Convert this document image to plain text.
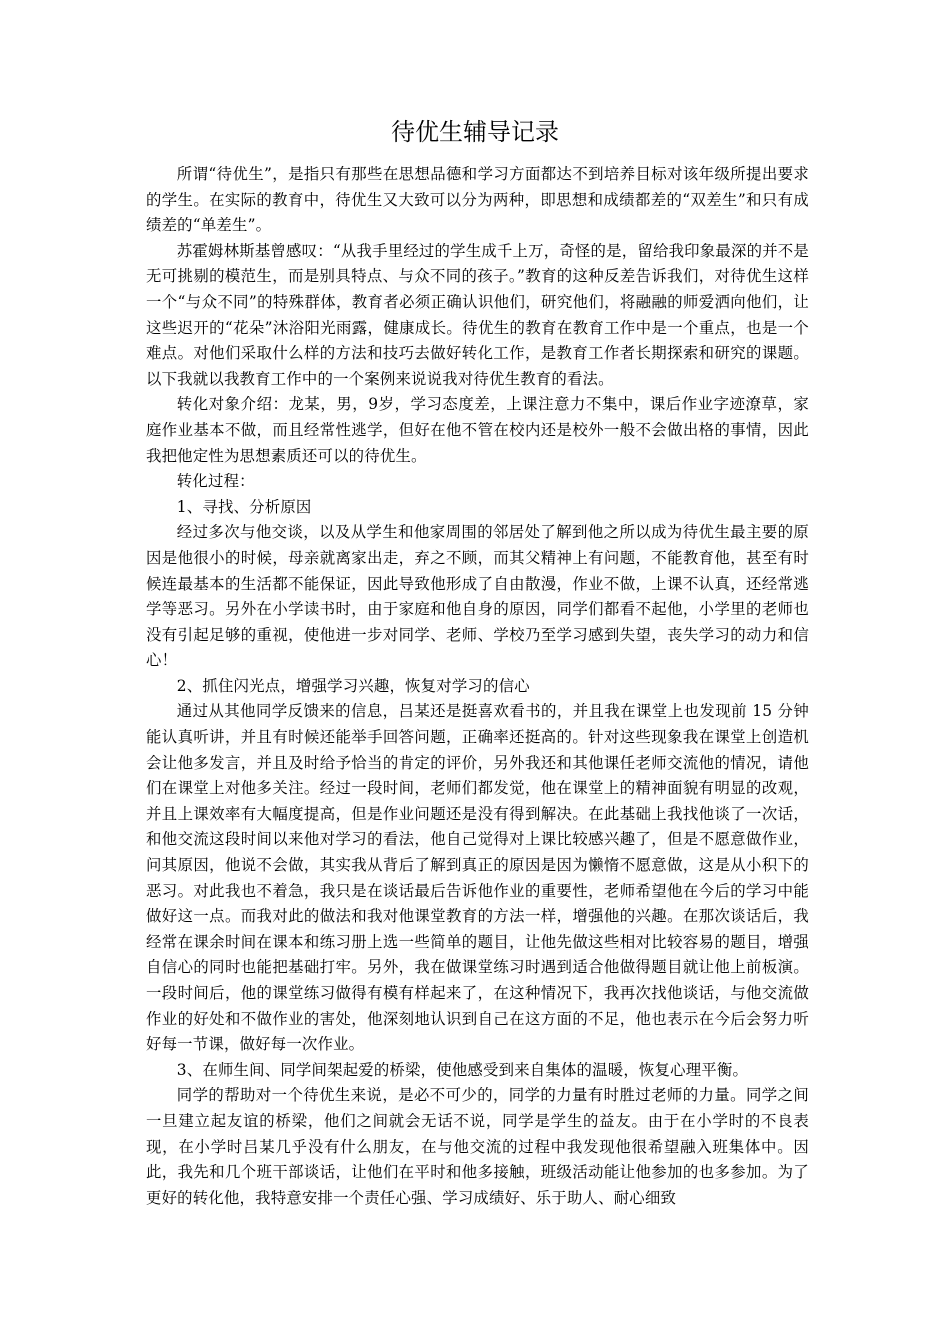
待优生辅导记录

所谓“待优生”，是指只有那些在思想品德和学习方面都达不到培养目标对该年级所提出要求的学生。在实际的教育中，待优生又大致可以分为两种，即思想和成绩都差的“双差生”和只有成绩差的“单差生”。

苏霍姆林斯基曾感叹：“从我手里经过的学生成千上万，奇怪的是，留给我印象最深的并不是无可挑剔的模范生，而是别具特点、与众不同的孩子。”教育的这种反差告诉我们，对待优生这样一个“与众不同”的特殊群体，教育者必须正确认识他们，研究他们，将融融的师爱洒向他们，让这些迟开的“花朵”沐浴阳光雨露，健康成长。待优生的教育在教育工作中是一个重点，也是一个难点。对他们采取什么样的方法和技巧去做好转化工作，是教育工作者长期探索和研究的课题。以下我就以我教育工作中的一个案例来说说我对待优生教育的看法。

转化对象介绍：龙某，男，9岁，学习态度差，上课注意力不集中，课后作业字迹潦草，家庭作业基本不做，而且经常性逃学，但好在他不管在校内还是校外一般不会做出格的事情，因此我把他定性为思想素质还可以的待优生。

转化过程：

1、寻找、分析原因

经过多次与他交谈，以及从学生和他家周围的邻居处了解到他之所以成为待优生最主要的原因是他很小的时候，母亲就离家出走，弃之不顾，而其父精神上有问题，不能教育他，甚至有时候连最基本的生活都不能保证，因此导致他形成了自由散漫，作业不做，上课不认真，还经常逃学等恶习。另外在小学读书时，由于家庭和他自身的原因，同学们都看不起他，小学里的老师也没有引起足够的重视，使他进一步对同学、老师、学校乃至学习感到失望，丧失学习的动力和信心！

2、抓住闪光点，增强学习兴趣，恢复对学习的信心

通过从其他同学反馈来的信息，吕某还是挺喜欢看书的，并且我在课堂上也发现前 15 分钟能认真听讲，并且有时候还能举手回答问题，正确率还挺高的。针对这些现象我在课堂上创造机会让他多发言，并且及时给予恰当的肯定的评价，另外我还和其他课任老师交流他的情况，请他们在课堂上对他多关注。经过一段时间，老师们都发觉，他在课堂上的精神面貌有明显的改观，并且上课效率有大幅度提高，但是作业问题还是没有得到解决。在此基础上我找他谈了一次话，和他交流这段时间以来他对学习的看法，他自己觉得对上课比较感兴趣了，但是不愿意做作业，问其原因，他说不会做，其实我从背后了解到真正的原因是因为懒惰不愿意做，这是从小积下的恶习。对此我也不着急，我只是在谈话最后告诉他作业的重要性，老师希望他在今后的学习中能做好这一点。而我对此的做法和我对他课堂教育的方法一样，增强他的兴趣。在那次谈话后，我经常在课余时间在课本和练习册上选一些简单的题目，让他先做这些相对比较容易的题目，增强自信心的同时也能把基础打牢。另外，我在做课堂练习时遇到适合他做得题目就让他上前板演。一段时间后，他的课堂练习做得有模有样起来了，在这种情况下，我再次找他谈话，与他交流做作业的好处和不做作业的害处，他深刻地认识到自己在这方面的不足，他也表示在今后会努力听好每一节课，做好每一次作业。

3、在师生间、同学间架起爱的桥梁，使他感受到来自集体的温暖，恢复心理平衡。

同学的帮助对一个待优生来说，是必不可少的，同学的力量有时胜过老师的力量。同学之间一旦建立起友谊的桥梁，他们之间就会无话不说，同学是学生的益友。由于在小学时的不良表现，在小学时吕某几乎没有什么朋友，在与他交流的过程中我发现他很希望融入班集体中。因此，我先和几个班干部谈话，让他们在平时和他多接触，班级活动能让他参加的也多参加。为了更好的转化他，我特意安排一个责任心强、学习成绩好、乐于助人、耐心细致
